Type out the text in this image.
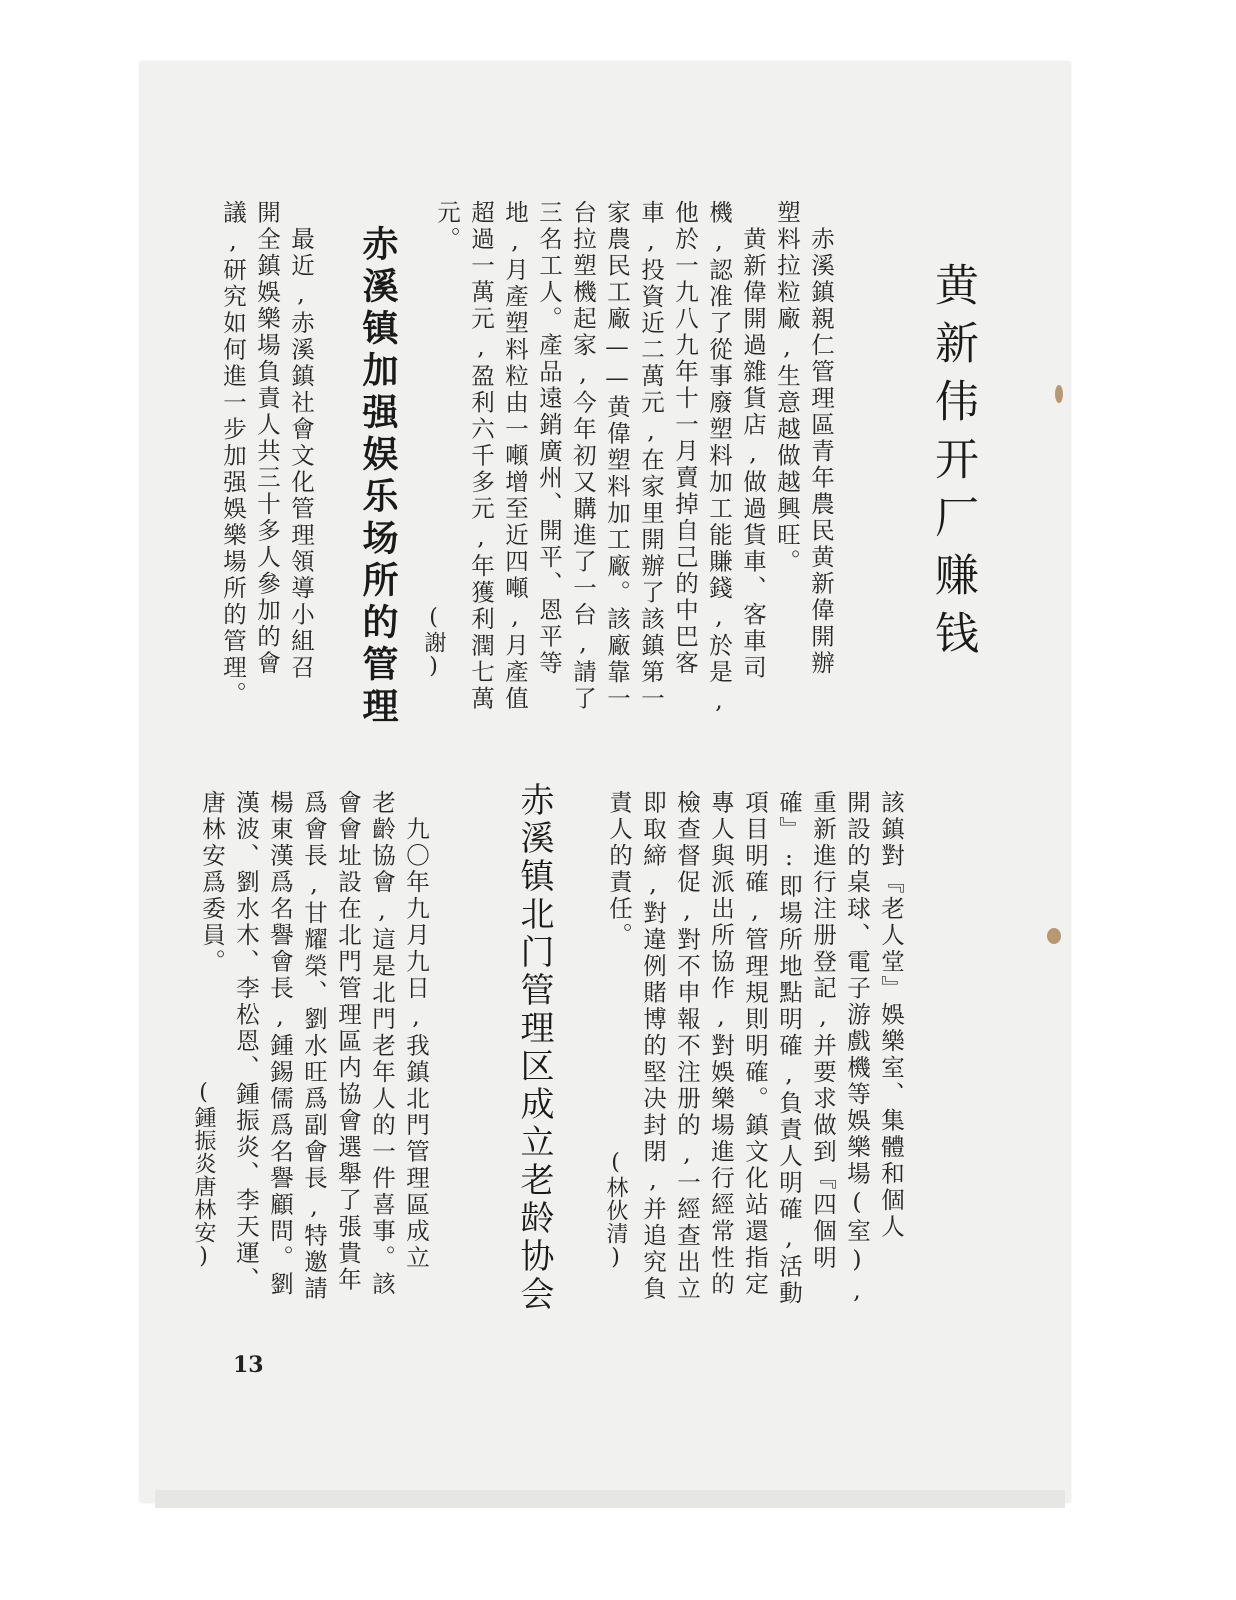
黄新伟开厂赚钱
　赤溪鎮親仁管理區青年農民黄新偉開辦
塑料拉粒廠,生意越做越興旺。
　黄新偉開過雜貨店,做過貨車、客車司
機,認准了從事廢塑料加工能賺錢,於是,
他於一九八九年十一月賣掉自己的中巴客
車,投資近二萬元,在家里開辦了該鎮第一
家農民工廠——黄偉塑料加工廠。該廠靠一
台拉塑機起家,今年初又購進了一台,請了
三名工人。產品遠銷廣州、開平、恩平等
地,月產塑料粒由一噸增至近四噸,月產值
超過一萬元,盈利六千多元,年獲利潤七萬
元。
(謝)
赤溪镇加强娱乐场所的管理
　最近,赤溪鎮社會文化管理領導小組召
開全鎮娛樂場負責人共三十多人參加的會
議,研究如何進一步加强娛樂場所的管理。
該鎮對『老人堂』娛樂室、集體和個人
開設的桌球、電子游戲機等娛樂場(室),
重新進行注册登記,并要求做到『四個明
確』:即場所地點明確,負責人明確,活動
項目明確,管理規則明確。鎮文化站還指定
專人與派出所協作,對娛樂場進行經常性的
檢查督促,對不申報不注册的,一經查出立
即取締,對違例賭博的堅决封閉,并追究負
責人的責任。
(林伙清)
赤溪镇北门管理区成立老龄协会
　九〇年九月九日,我鎮北門管理區成立
老齡協會,這是北門老年人的一件喜事。該
會會址設在北門管理區内協會選舉了張貴年
爲會長,甘耀榮、劉水旺爲副會長,特邀請
楊東漢爲名譽會長,鍾錫儒爲名譽顧問。劉
漢波、劉水木、李松恩、鍾振炎、李天運、
唐林安爲委員。
(鍾振炎唐林安)
13
